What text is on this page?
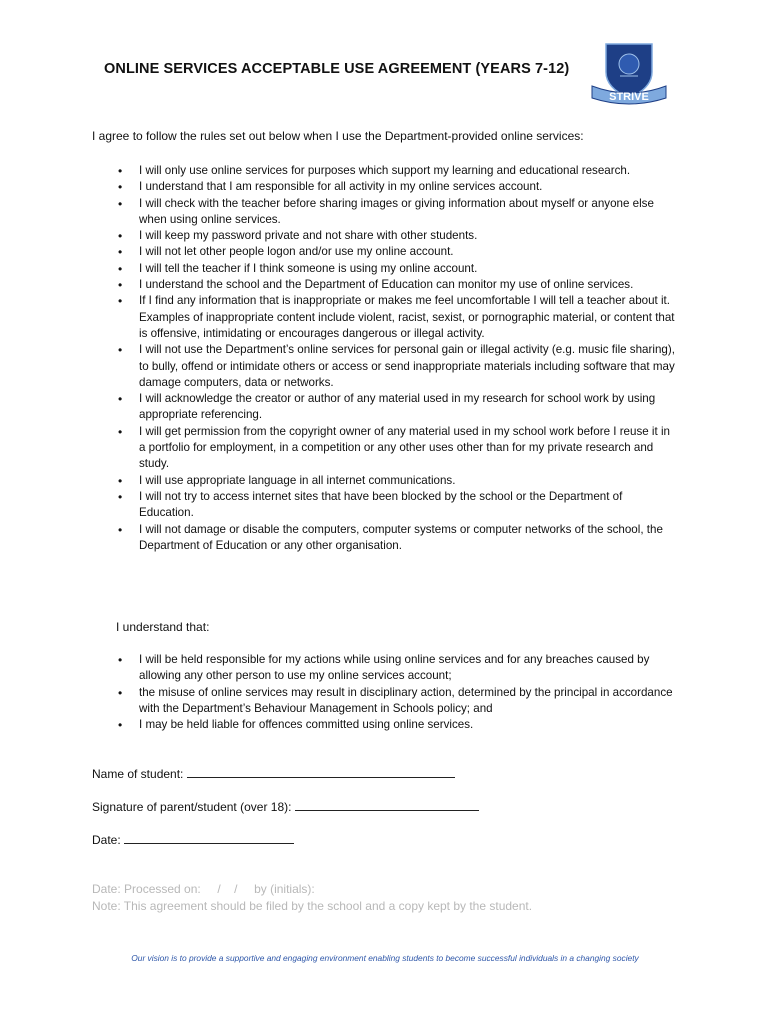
ONLINE SERVICES ACCEPTABLE USE AGREEMENT (YEARS 7-12)
STRIVE
I agree to follow the rules set out below when I use the Department-provided online services:
• I will only use online services for purposes which support my learning and educational research.
• I understand that I am responsible for all activity in my online services account.
• I will check with the teacher before sharing images or giving information about myself or anyone else when using online services.
• I will keep my password private and not share with other students.
• I will not let other people logon and/or use my online account.
• I will tell the teacher if I think someone is using my online account.
• I understand the school and the Department of Education can monitor my use of online services.
• If I find any information that is inappropriate or makes me feel uncomfortable I will tell a teacher about it. Examples of inappropriate content include violent, racist, sexist, or pornographic material, or content that is offensive, intimidating or encourages dangerous or illegal activity.
• I will not use the Department’s online services for personal gain or illegal activity (e.g. music file sharing), to bully, offend or intimidate others or access or send inappropriate materials including software that may damage computers, data or networks.
• I will acknowledge the creator or author of any material used in my research for school work by using appropriate referencing.
• I will get permission from the copyright owner of any material used in my school work before I reuse it in a portfolio for employment, in a competition or any other uses other than for my private research and study.
• I will use appropriate language in all internet communications.
• I will not try to access internet sites that have been blocked by the school or the Department of Education.
• I will not damage or disable the computers, computer systems or computer networks of the school, the Department of Education or any other organisation.
I understand that:
• I will be held responsible for my actions while using online services and for any breaches caused by allowing any other person to use my online services account;
• the misuse of online services may result in disciplinary action, determined by the principal in accordance with the Department’s Behaviour Management in Schools policy; and
• I may be held liable for offences committed using online services.
Name of student:
Signature of parent/student (over 18):
Date:
Date: Processed on:     /    /     by (initials):
Note: This agreement should be filed by the school and a copy kept by the student.
Our vision is to provide a supportive and engaging environment enabling students to become successful individuals in a changing society
